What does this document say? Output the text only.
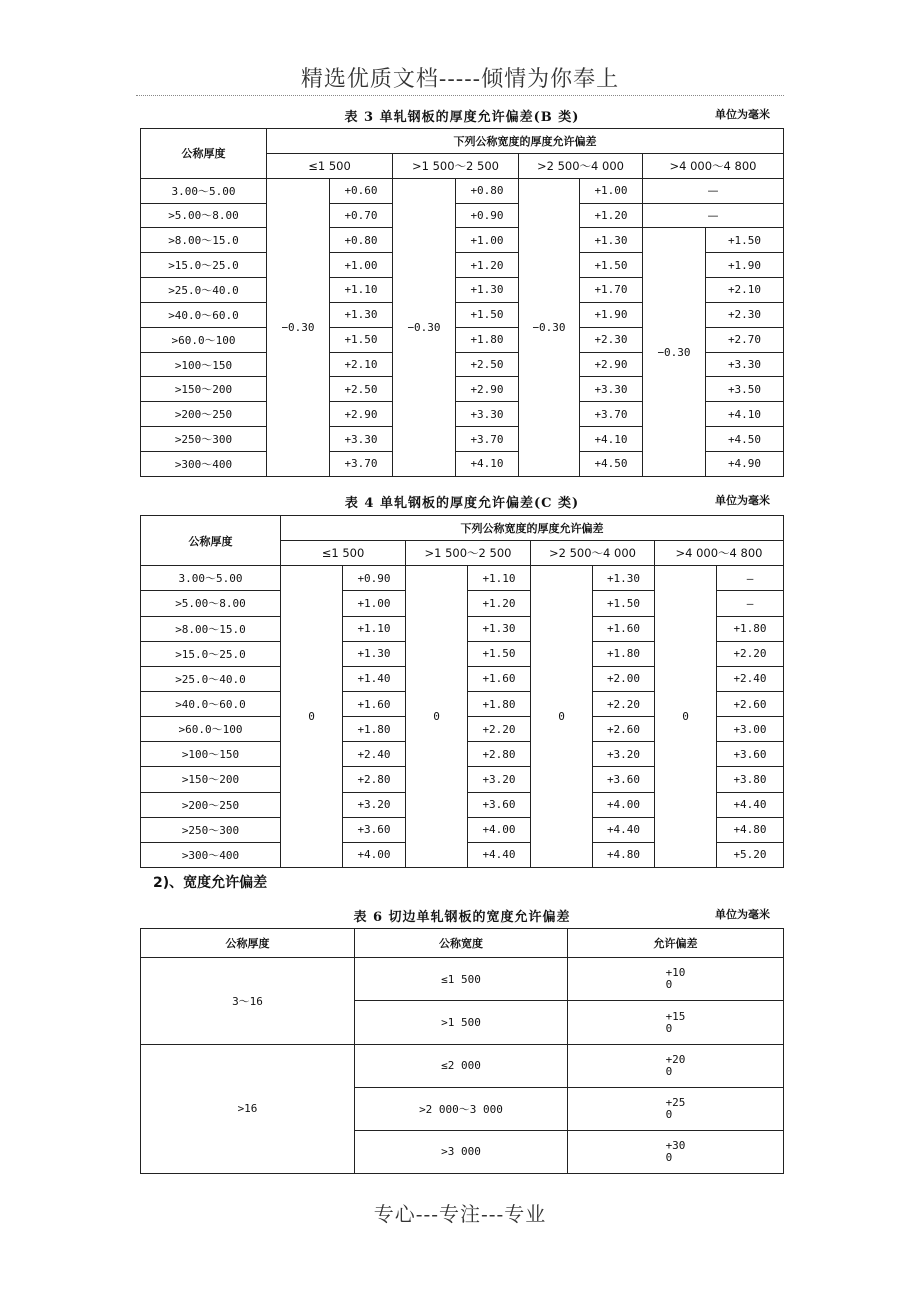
精选优质文档-----倾情为你奉上
表 3 单轧钢板的厚度允许偏差(B 类)	单位为毫米
公称厚度	下列公称宽度的厚度允许偏差							
	≤1 500		>1 500～2 500		>2 500～4 000		>4 000～4 800	
3.00～5.00	−0.30	+0.60	−0.30	+0.80	−0.30	+1.00	—	
>5.00～8.00		+0.70		+0.90		+1.20	—	
>8.00～15.0		+0.80		+1.00		+1.30	−0.30	+1.50
>15.0～25.0		+1.00		+1.20		+1.50		+1.90
>25.0～40.0		+1.10		+1.30		+1.70		+2.10
>40.0～60.0		+1.30		+1.50		+1.90		+2.30
>60.0～100		+1.50		+1.80		+2.30		+2.70
>100～150		+2.10		+2.50		+2.90		+3.30
>150～200		+2.50		+2.90		+3.30		+3.50
>200～250		+2.90		+3.30		+3.70		+4.10
>250～300		+3.30		+3.70		+4.10		+4.50
>300～400		+3.70		+4.10		+4.50		+4.90
表 4 单轧钢板的厚度允许偏差(C 类)	单位为毫米
公称厚度	下列公称宽度的厚度允许偏差							
	≤1 500		>1 500～2 500		>2 500～4 000		>4 000～4 800	
3.00～5.00	0	+0.90	0	+1.10	0	+1.30	0	—
>5.00～8.00		+1.00		+1.20		+1.50		—
>8.00～15.0		+1.10		+1.30		+1.60		+1.80
>15.0～25.0		+1.30		+1.50		+1.80		+2.20
>25.0～40.0		+1.40		+1.60		+2.00		+2.40
>40.0～60.0		+1.60		+1.80		+2.20		+2.60
>60.0～100		+1.80		+2.20		+2.60		+3.00
>100～150		+2.40		+2.80		+3.20		+3.60
>150～200		+2.80		+3.20		+3.60		+3.80
>200～250		+3.20		+3.60		+4.00		+4.40
>250～300		+3.60		+4.00		+4.40		+4.80
>300～400		+4.00		+4.40		+4.80		+5.20
2)、宽度允许偏差
表 6 切边单轧钢板的宽度允许偏差	单位为毫米
公称厚度	公称宽度	允许偏差
3～16	≤1 500	+10
0

	>1 500	+15
0

>16	≤2 000	+20
0

	>2 000～3 000	+25
0

	>3 000	+30
0
专心---专注---专业
